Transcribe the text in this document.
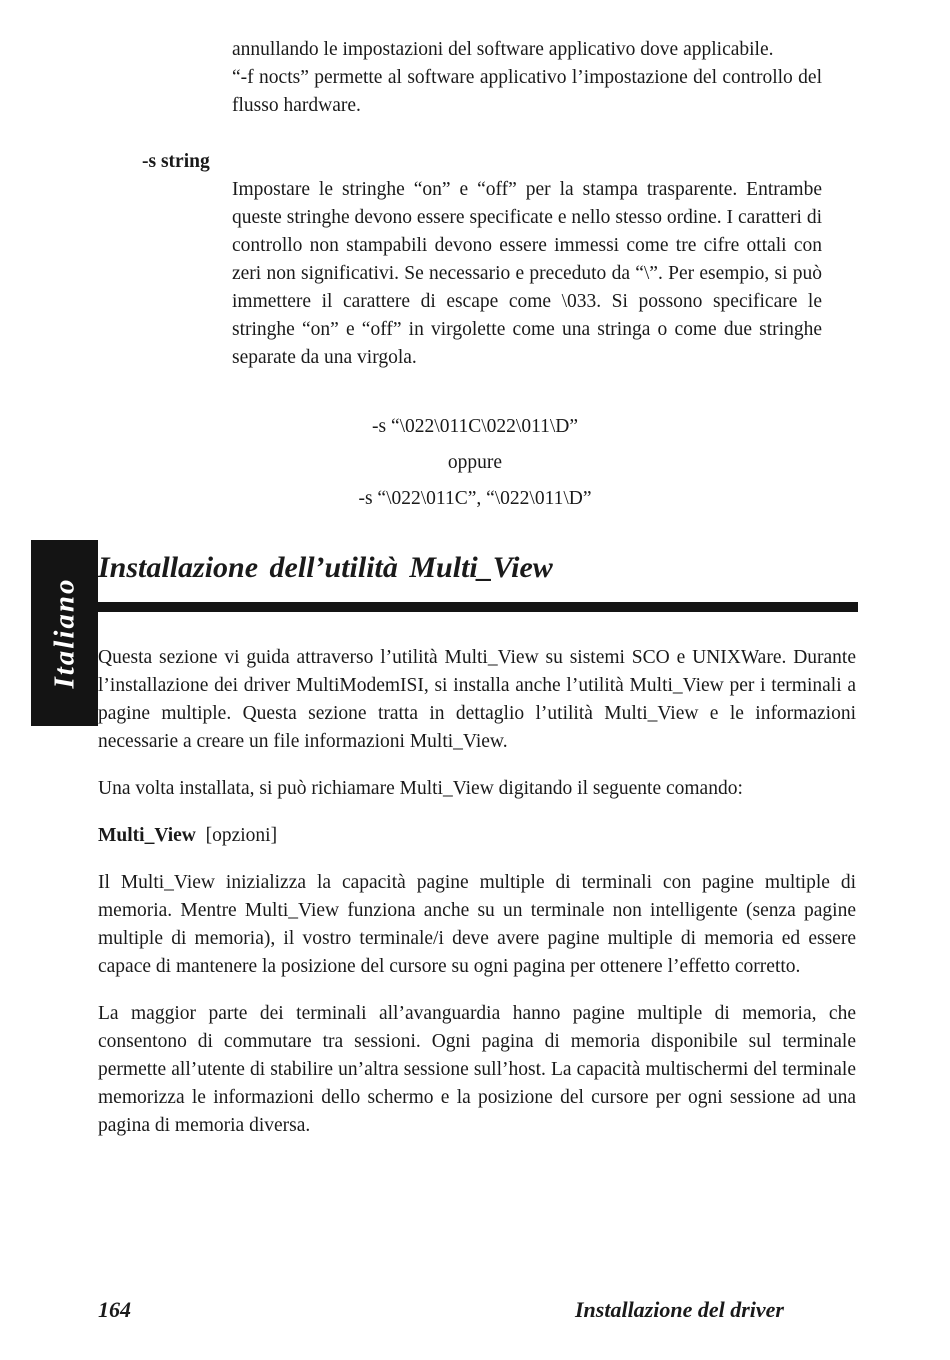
annullando le impostazioni del software applicativo dove applicabile.

“-f nocts” permette al software applicativo l’impostazione del controllo del flusso hardware.

-s string

Impostare le stringhe “on” e “off” per la stampa trasparente. Entrambe queste stringhe devono essere specificate e nello stesso ordine. I caratteri di controllo non stampabili devono essere immessi come tre cifre ottali con zeri non significativi. Se necessario e preceduto da “\”. Per esempio, si può immettere il carattere di escape come \033. Si possono specificare le stringhe “on” e “off” in virgolette come una stringa o come due stringhe separate da una virgola.

-s “\022\011C\022\011\D”
oppure
-s “\022\011C”, “\022\011\D”
Italiano
Installazione dell’utilità Multi_View

Questa sezione vi guida attraverso l’utilità Multi_View su sistemi SCO e UNIXWare. Durante l’installazione dei driver MultiModemISI, si installa anche l’utilità Multi_View per i terminali a pagine multiple. Questa sezione tratta in dettaglio l’utilità Multi_View e le informazioni necessarie a creare un file informazioni Multi_View.

Una volta installata, si può richiamare Multi_View digitando il seguente comando:

Multi_View [opzioni]

Il Multi_View inizializza la capacità pagine multiple di terminali con pagine multiple di memoria. Mentre Multi_View funziona anche su un terminale non intelligente (senza pagine multiple di memoria), il vostro terminale/i deve avere pagine multiple di memoria ed essere capace di mantenere la posizione del cursore su ogni pagina per ottenere l’effetto corretto.

La maggior parte dei terminali all’avanguardia hanno pagine multiple di memoria, che consentono di commutare tra sessioni. Ogni pagina di memoria disponibile sul terminale permette all’utente di stabilire un’altra sessione sull’host. La capacità multischermi del terminale memorizza le informazioni dello schermo e la posizione del cursore per ogni sessione ad una pagina di memoria diversa.

164	Installazione del driver
